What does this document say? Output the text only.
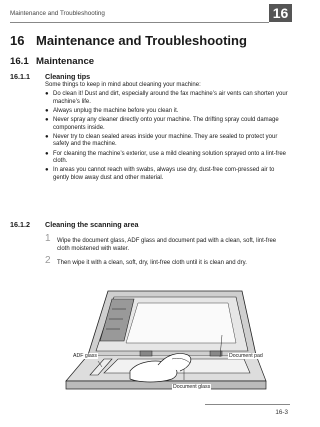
Maintenance and Troubleshooting	16
16 Maintenance and Troubleshooting
16.1 Maintenance
16.1.1 Cleaning tips
Some things to keep in mind about cleaning your machine:
● Do clean it! Dust and dirt, especially around the fax machine’s air vents can shorten your machine’s life.
● Always unplug the machine before you clean it.
● Never spray any cleaner directly onto your machine. The drifting spray could damage components inside.
● Never try to clean sealed areas inside your machine. They are sealed to protect your safety and the machine.
● For cleaning the machine’s exterior, use a mild cleaning solution sprayed onto a lint-free cloth.
● In areas you cannot reach with swabs, always use dry, dust-free com-pressed air to gently blow away dust and other material.
16.1.2 Cleaning the scanning area
1	Wipe the document glass, ADF glass and document pad with a clean, soft, lint-free cloth moistened with water.
2	Then wipe it with a clean, soft, dry, lint-free cloth until it is clean and dry.
ADF glass	Document pad
Document glass
16-3
